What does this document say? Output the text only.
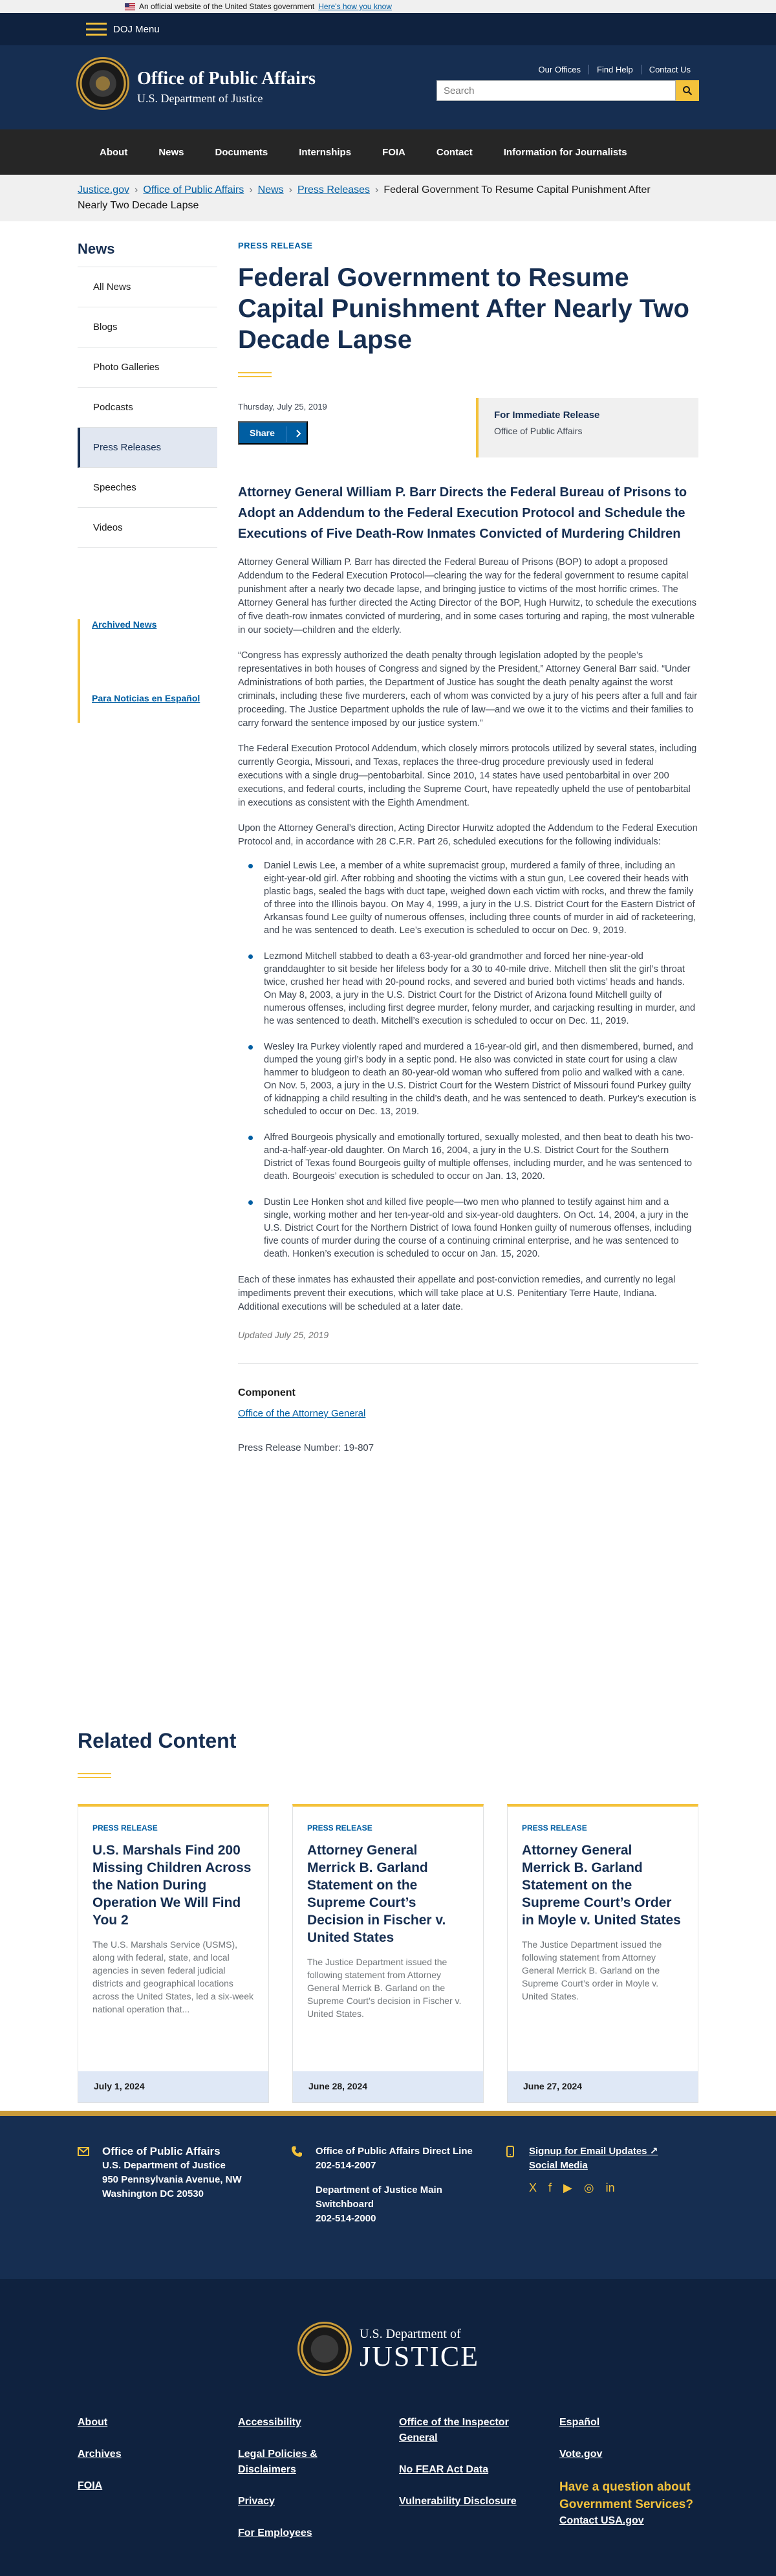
An official website of the United States government Here's how you know
DOJ Menu
Office of Public Affairs
U.S. Department of Justice
Our Offices	Find Help	Contact Us
Search
About	News	Documents	Internships	FOIA	Contact	Information for Journalists
Justice.gov › Office of Public Affairs › News › Press Releases › Federal Government To Resume Capital Punishment After Nearly Two Decade Lapse
News
All News
Blogs
Photo Galleries
Podcasts
Press Releases
Speeches
Videos
Archived News
Para Noticias en Español
PRESS RELEASE
Federal Government to Resume Capital Punishment After Nearly Two Decade Lapse
Thursday, July 25, 2019
Share
For Immediate Release
Office of Public Affairs
Attorney General William P. Barr Directs the Federal Bureau of Prisons to Adopt an Addendum to the Federal Execution Protocol and Schedule the Executions of Five Death-Row Inmates Convicted of Murdering Children

Attorney General William P. Barr has directed the Federal Bureau of Prisons (BOP) to adopt a proposed Addendum to the Federal Execution Protocol—clearing the way for the federal government to resume capital punishment after a nearly two decade lapse, and bringing justice to victims of the most horrific crimes. The Attorney General has further directed the Acting Director of the BOP, Hugh Hurwitz, to schedule the executions of five death-row inmates convicted of murdering, and in some cases torturing and raping, the most vulnerable in our society—children and the elderly.

“Congress has expressly authorized the death penalty through legislation adopted by the people’s representatives in both houses of Congress and signed by the President,” Attorney General Barr said. “Under Administrations of both parties, the Department of Justice has sought the death penalty against the worst criminals, including these five murderers, each of whom was convicted by a jury of his peers after a full and fair proceeding. The Justice Department upholds the rule of law—and we owe it to the victims and their families to carry forward the sentence imposed by our justice system.”

The Federal Execution Protocol Addendum, which closely mirrors protocols utilized by several states, including currently Georgia, Missouri, and Texas, replaces the three-drug procedure previously used in federal executions with a single drug—pentobarbital. Since 2010, 14 states have used pentobarbital in over 200 executions, and federal courts, including the Supreme Court, have repeatedly upheld the use of pentobarbital in executions as consistent with the Eighth Amendment.

Upon the Attorney General’s direction, Acting Director Hurwitz adopted the Addendum to the Federal Execution Protocol and, in accordance with 28 C.F.R. Part 26, scheduled executions for the following individuals:

Daniel Lewis Lee, a member of a white supremacist group, murdered a family of three, including an eight-year-old girl. After robbing and shooting the victims with a stun gun, Lee covered their heads with plastic bags, sealed the bags with duct tape, weighed down each victim with rocks, and threw the family of three into the Illinois bayou. On May 4, 1999, a jury in the U.S. District Court for the Eastern District of Arkansas found Lee guilty of numerous offenses, including three counts of murder in aid of racketeering, and he was sentenced to death. Lee’s execution is scheduled to occur on Dec. 9, 2019.
Lezmond Mitchell stabbed to death a 63-year-old grandmother and forced her nine-year-old granddaughter to sit beside her lifeless body for a 30 to 40-mile drive. Mitchell then slit the girl’s throat twice, crushed her head with 20-pound rocks, and severed and buried both victims’ heads and hands. On May 8, 2003, a jury in the U.S. District Court for the District of Arizona found Mitchell guilty of numerous offenses, including first degree murder, felony murder, and carjacking resulting in murder, and he was sentenced to death. Mitchell’s execution is scheduled to occur on Dec. 11, 2019.
Wesley Ira Purkey violently raped and murdered a 16-year-old girl, and then dismembered, burned, and dumped the young girl’s body in a septic pond. He also was convicted in state court for using a claw hammer to bludgeon to death an 80-year-old woman who suffered from polio and walked with a cane. On Nov. 5, 2003, a jury in the U.S. District Court for the Western District of Missouri found Purkey guilty of kidnapping a child resulting in the child’s death, and he was sentenced to death. Purkey’s execution is scheduled to occur on Dec. 13, 2019.
Alfred Bourgeois physically and emotionally tortured, sexually molested, and then beat to death his two-and-a-half-year-old daughter. On March 16, 2004, a jury in the U.S. District Court for the Southern District of Texas found Bourgeois guilty of multiple offenses, including murder, and he was sentenced to death. Bourgeois’ execution is scheduled to occur on Jan. 13, 2020.
Dustin Lee Honken shot and killed five people—two men who planned to testify against him and a single, working mother and her ten-year-old and six-year-old daughters. On Oct. 14, 2004, a jury in the U.S. District Court for the Northern District of Iowa found Honken guilty of numerous offenses, including five counts of murder during the course of a continuing criminal enterprise, and he was sentenced to death. Honken’s execution is scheduled to occur on Jan. 15, 2020.

Each of these inmates has exhausted their appellate and post-conviction remedies, and currently no legal impediments prevent their executions, which will take place at U.S. Penitentiary Terre Haute, Indiana. Additional executions will be scheduled at a later date.

Updated July 25, 2019
Component
Office of the Attorney General
Press Release Number: 19-807
Related Content
PRESS RELEASE
U.S. Marshals Find 200 Missing Children Across the Nation During Operation We Will Find You 2
The U.S. Marshals Service (USMS), along with federal, state, and local agencies in seven federal judicial districts and geographical locations across the United States, led a six-week national operation that...
July 1, 2024
PRESS RELEASE
Attorney General Merrick B. Garland Statement on the Supreme Court’s Decision in Fischer v. United States
The Justice Department issued the following statement from Attorney General Merrick B. Garland on the Supreme Court’s decision in Fischer v. United States.
June 28, 2024
PRESS RELEASE
Attorney General Merrick B. Garland Statement on the Supreme Court’s Order in Moyle v. United States
The Justice Department issued the following statement from Attorney General Merrick B. Garland on the Supreme Court’s order in Moyle v. United States.
June 27, 2024
Office of Public Affairs
U.S. Department of Justice
950 Pennsylvania Avenue, NW
Washington DC 20530
Office of Public Affairs Direct Line
202-514-2007
Department of Justice Main Switchboard
202-514-2000
Signup for Email Updates ↗
Social Media
X f ▶ ◎ in
U.S. Department of
JUSTICE
About
Archives
FOIA
Accessibility
Legal Policies & Disclaimers
Privacy
For Employees
Office of the Inspector General
No FEAR Act Data
Vulnerability Disclosure
Español
Vote.gov
Have a question about Government Services?
Contact USA.gov
